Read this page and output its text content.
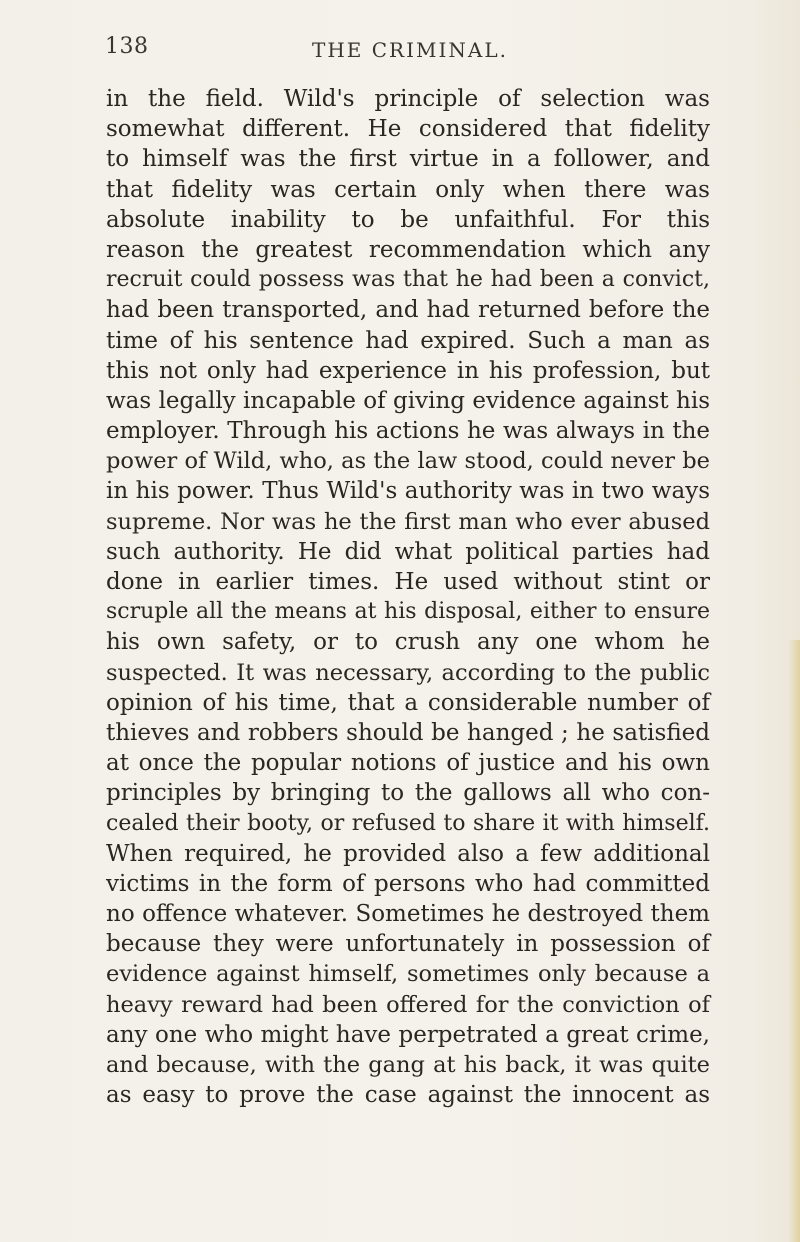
138	THE CRIMINAL.
in the field. Wild's principle of selection was
somewhat different. He considered that fidelity
to himself was the first virtue in a follower, and
that fidelity was certain only when there was
absolute inability to be unfaithful. For this
reason the greatest recommendation which any
recruit could possess was that he had been a convict,
had been transported, and had returned before the
time of his sentence had expired. Such a man as
this not only had experience in his profession, but
was legally incapable of giving evidence against his
employer. Through his actions he was always in the
power of Wild, who, as the law stood, could never be
in his power. Thus Wild's authority was in two ways
supreme. Nor was he the first man who ever abused
such authority. He did what political parties had
done in earlier times. He used without stint or
scruple all the means at his disposal, either to ensure
his own safety, or to crush any one whom he
suspected. It was necessary, according to the public
opinion of his time, that a considerable number of
thieves and robbers should be hanged ; he satisfied
at once the popular notions of justice and his own
principles by bringing to the gallows all who con-
cealed their booty, or refused to share it with himself.
When required, he provided also a few additional
victims in the form of persons who had committed
no offence whatever. Sometimes he destroyed them
because they were unfortunately in possession of
evidence against himself, sometimes only because a
heavy reward had been offered for the conviction of
any one who might have perpetrated a great crime,
and because, with the gang at his back, it was quite
as easy to prove the case against the innocent as
